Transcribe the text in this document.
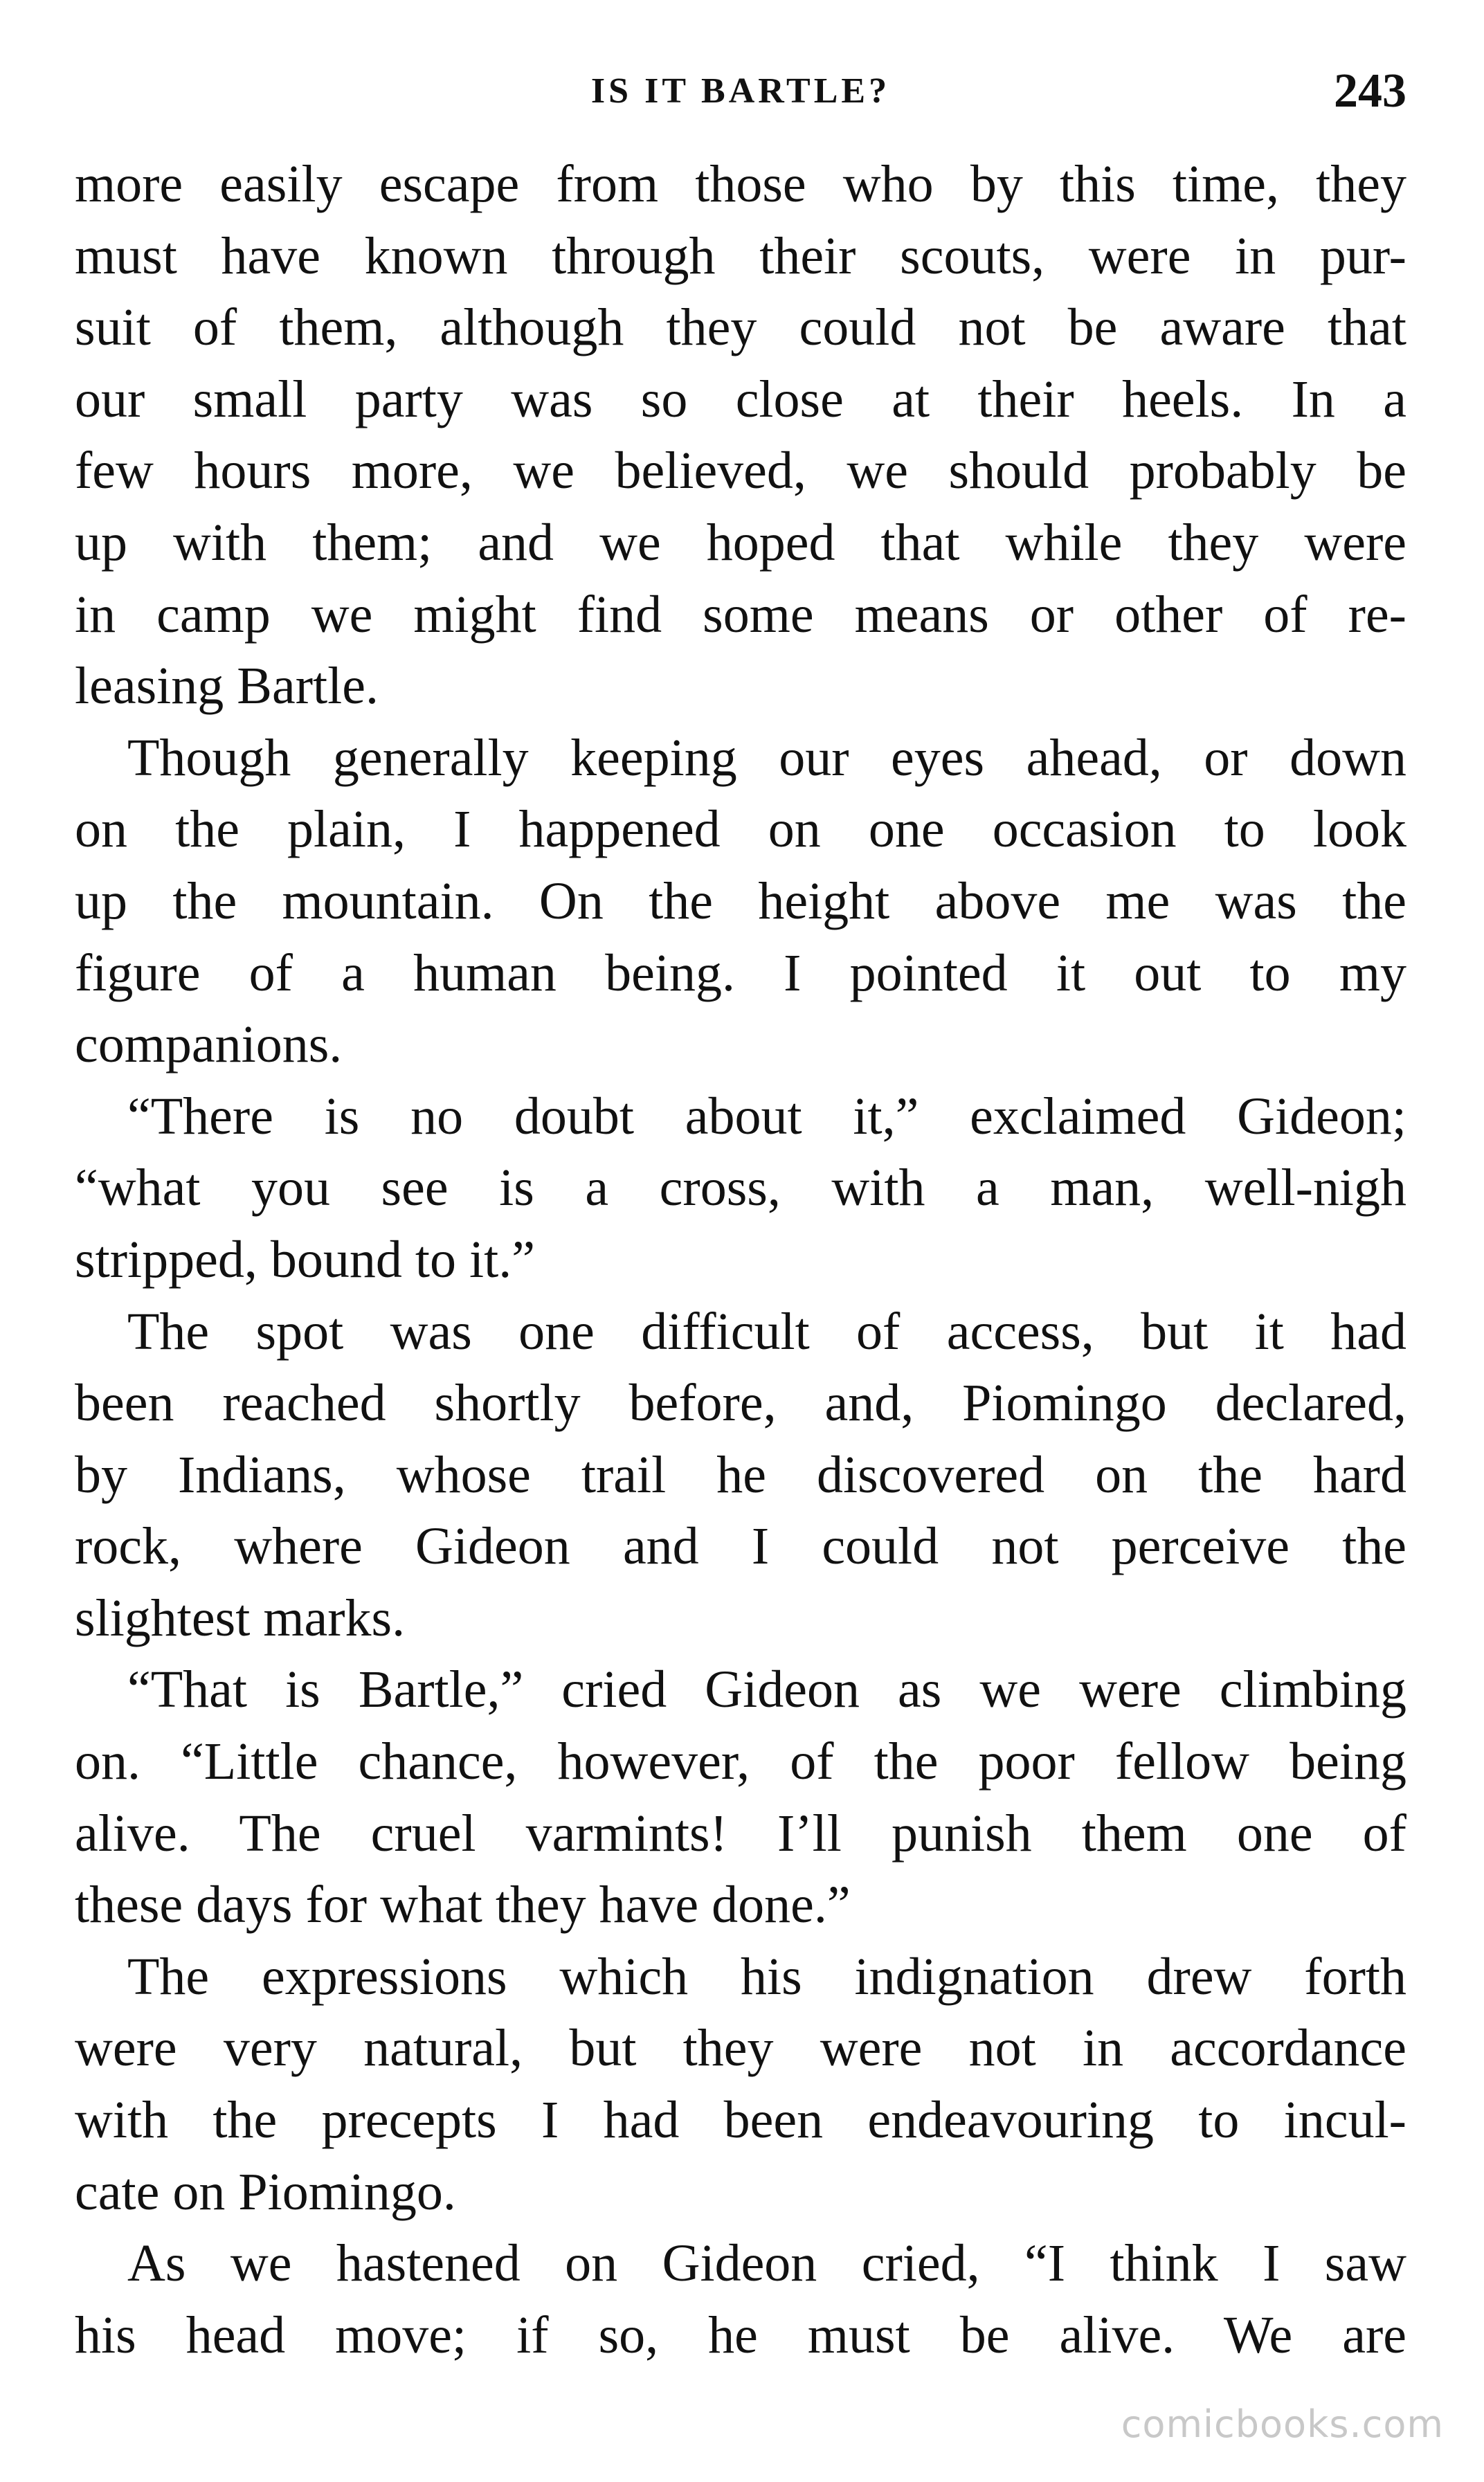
IS IT BARTLE?	243

more easily escape from those who by this time, they
must have known through their scouts, were in pur-
suit of them, although they could not be aware that
our small party was so close at their heels. In a
few hours more, we believed, we should probably be
up with them; and we hoped that while they were
in camp we might find some means or other of re-
leasing Bartle.

Though generally keeping our eyes ahead, or down
on the plain, I happened on one occasion to look
up the mountain. On the height above me was the
figure of a human being. I pointed it out to my
companions.

“There is no doubt about it,” exclaimed Gideon;
“what you see is a cross, with a man, well-nigh
stripped, bound to it.”

The spot was one difficult of access, but it had
been reached shortly before, and, Piomingo declared,
by Indians, whose trail he discovered on the hard
rock, where Gideon and I could not perceive the
slightest marks.

“That is Bartle,” cried Gideon as we were climbing
on. “Little chance, however, of the poor fellow being
alive. The cruel varmints! I’ll punish them one of
these days for what they have done.”

The expressions which his indignation drew forth
were very natural, but they were not in accordance
with the precepts I had been endeavouring to incul-
cate on Piomingo.

As we hastened on Gideon cried, “I think I saw
his head move; if so, he must be alive. We are

comicbooks.com
